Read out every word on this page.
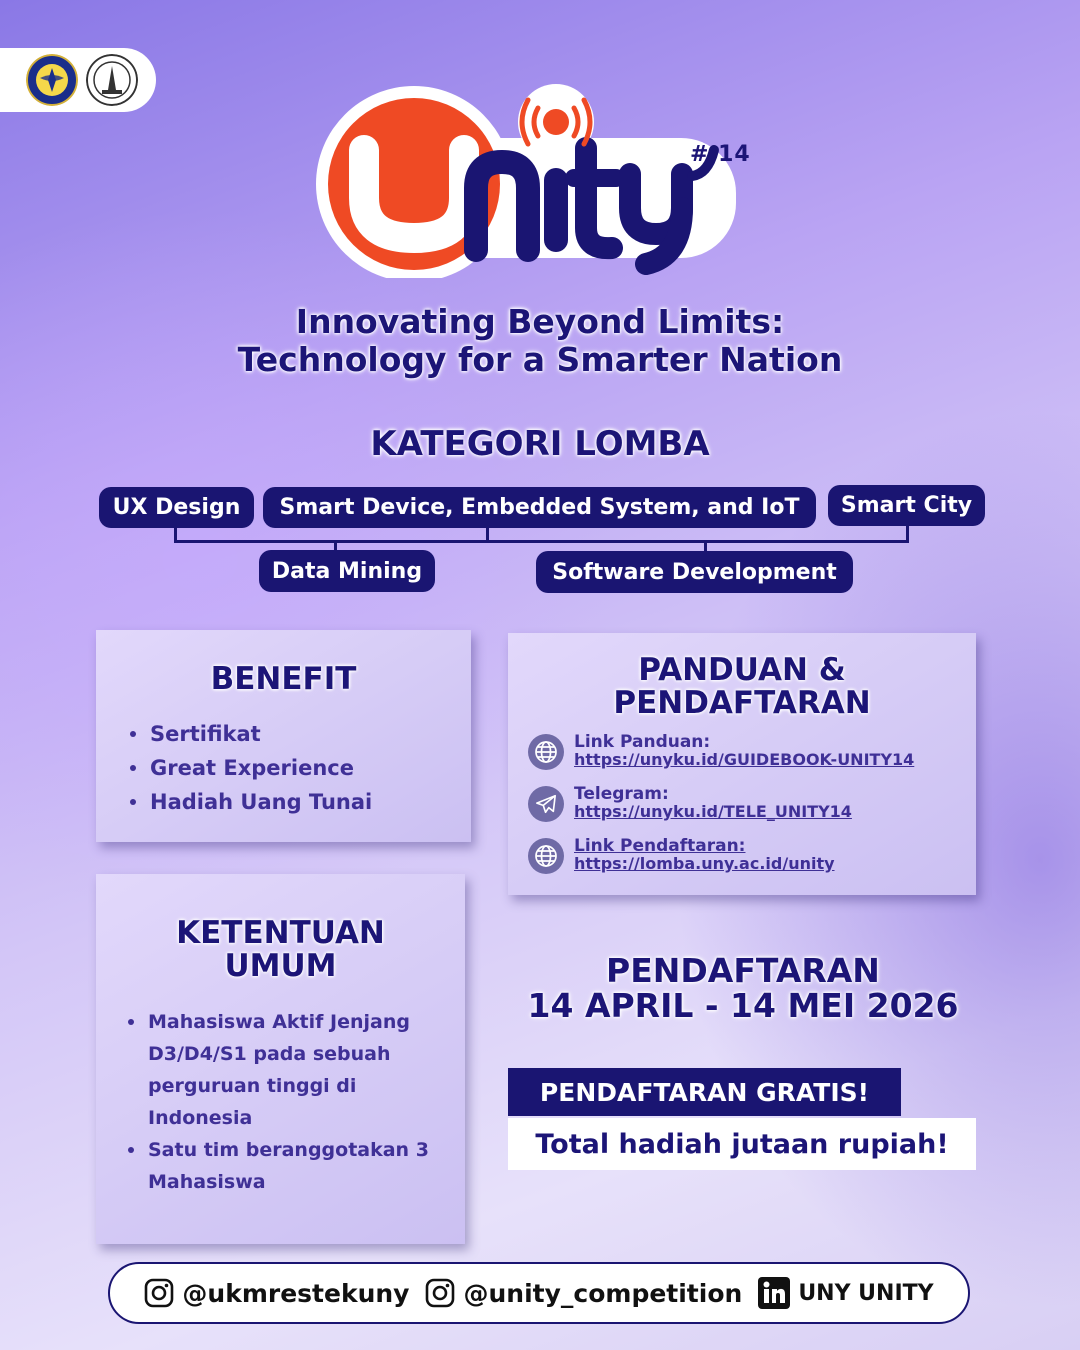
# 14
Innovating Beyond Limits:
Technology for a Smarter Nation
KATEGORI LOMBA
UX Design	Smart Device, Embedded System, and IoT	Smart City
Data Mining	Software Development
BENEFIT
Sertifikat
Great Experience
Hadiah Uang Tunai
KETENTUAN
UMUM
Mahasiswa Aktif Jenjang
D3/D4/S1 pada sebuah
perguruan tinggi di
Indonesia
Satu tim beranggotakan 3
Mahasiswa
PANDUAN &
PENDAFTARAN
Link Panduan:
https://unyku.id/GUIDEBOOK-UNITY14
Telegram:
https://unyku.id/TELE_UNITY14
Link Pendaftaran:
https://lomba.uny.ac.id/unity
PENDAFTARAN
14 APRIL - 14 MEI 2026
PENDAFTARAN GRATIS!
Total hadiah jutaan rupiah!
@ukmrestekuny @unity_competition	UNY UNITY
